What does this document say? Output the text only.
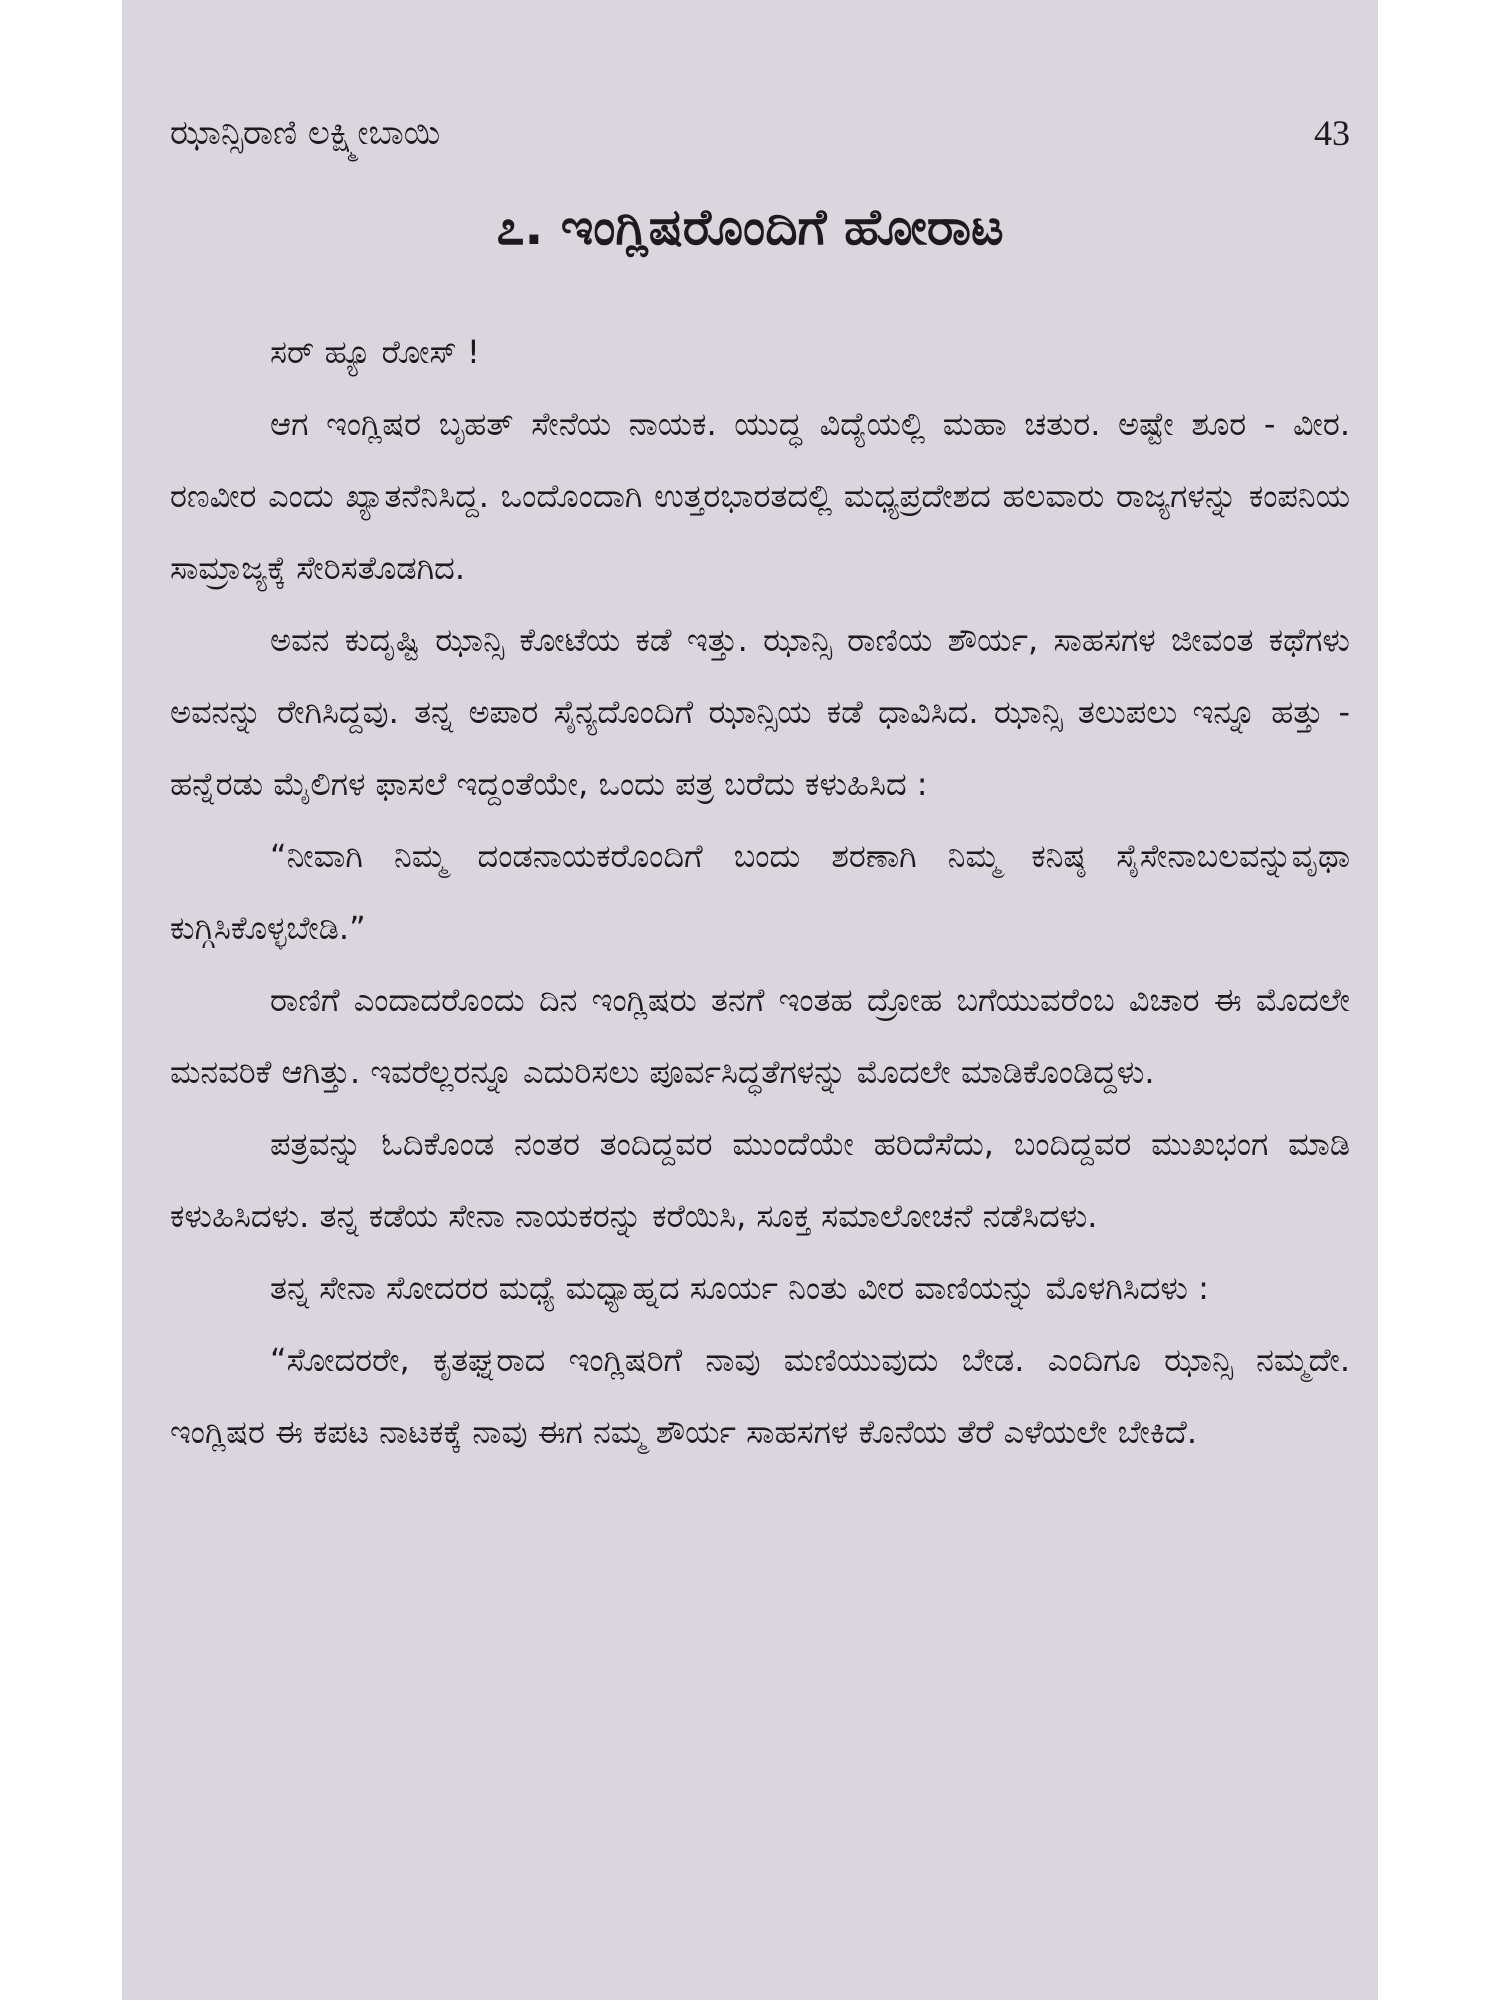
ಝಾನ್ಸಿರಾಣಿ ಲಕ್ಷ್ಮೀಬಾಯಿ	43
೭. ಇಂಗ್ಲಿಷರೊಂದಿಗೆ ಹೋರಾಟ

ಸರ್ ಹ್ಯೂ ರೋಸ್ !

ಆಗ ಇಂಗ್ಲಿಷರ ಬೃಹತ್ ಸೇನೆಯ ನಾಯಕ. ಯುದ್ಧ ವಿದ್ಯೆಯಲ್ಲಿ ಮಹಾ ಚತುರ. ಅಷ್ಟೇ ಶೂರ - ವೀರ. ರಣವೀರ ಎಂದು ಖ್ಯಾತನೆನಿಸಿದ್ದ. ಒಂದೊಂದಾಗಿ ಉತ್ತರಭಾರತದಲ್ಲಿ ಮಧ್ಯಪ್ರದೇಶದ ಹಲವಾರು ರಾಜ್ಯಗಳನ್ನು ಕಂಪನಿಯ ಸಾಮ್ರಾಜ್ಯಕ್ಕೆ ಸೇರಿಸತೊಡಗಿದ.

ಅವನ ಕುದೃಷ್ಟಿ ಝಾನ್ಸಿ ಕೋಟೆಯ ಕಡೆ ಇತ್ತು. ಝಾನ್ಸಿ ರಾಣಿಯ ಶೌರ್ಯ, ಸಾಹಸಗಳ ಜೀವಂತ ಕಥೆಗಳು ಅವನನ್ನು ರೇಗಿಸಿದ್ದವು. ತನ್ನ ಅಪಾರ ಸೈನ್ಯದೊಂದಿಗೆ ಝಾನ್ಸಿಯ ಕಡೆ ಧಾವಿಸಿದ. ಝಾನ್ಸಿ ತಲುಪಲು ಇನ್ನೂ ಹತ್ತು - ಹನ್ನೆರಡು ಮೈಲಿಗಳ ಫಾಸಲೆ ಇದ್ದಂತೆಯೇ, ಒಂದು ಪತ್ರ ಬರೆದು ಕಳುಹಿಸಿದ :

“ನೀವಾಗಿ ನಿಮ್ಮ ದಂಡನಾಯಕರೊಂದಿಗೆ ಬಂದು ಶರಣಾಗಿ ನಿಮ್ಮ ಕನಿಷ್ಠ ಸೈಸೇನಾಬಲವನ್ನುವೃಥಾ ಕುಗ್ಗಿಸಿಕೊಳ್ಳಬೇಡಿ.”

ರಾಣಿಗೆ ಎಂದಾದರೊಂದು ದಿನ ಇಂಗ್ಲಿಷರು ತನಗೆ ಇಂತಹ ದ್ರೋಹ ಬಗೆಯುವರೆಂಬ ವಿಚಾರ ಈ ಮೊದಲೇ ಮನವರಿಕೆ ಆಗಿತ್ತು. ಇವರೆಲ್ಲರನ್ನೂ ಎದುರಿಸಲು ಪೂರ್ವಸಿದ್ಧತೆಗಳನ್ನು ಮೊದಲೇ ಮಾಡಿಕೊಂಡಿದ್ದಳು.

ಪತ್ರವನ್ನು ಓದಿಕೊಂಡ ನಂತರ ತಂದಿದ್ದವರ ಮುಂದೆಯೇ ಹರಿದೆಸೆದು, ಬಂದಿದ್ದವರ ಮುಖಭಂಗ ಮಾಡಿ ಕಳುಹಿಸಿದಳು. ತನ್ನ ಕಡೆಯ ಸೇನಾ ನಾಯಕರನ್ನು ಕರೆಯಿಸಿ, ಸೂಕ್ತ ಸಮಾಲೋಚನೆ ನಡೆಸಿದಳು.

ತನ್ನ ಸೇನಾ ಸೋದರರ ಮಧ್ಯೆ ಮಧ್ಯಾಹ್ನದ ಸೂರ್ಯ ನಿಂತು ವೀರ ವಾಣಿಯನ್ನು ಮೊಳಗಿಸಿದಳು :

“ಸೋದರರೇ, ಕೃತಘ್ನರಾದ ಇಂಗ್ಲಿಷರಿಗೆ ನಾವು ಮಣಿಯುವುದು ಬೇಡ. ಎಂದಿಗೂ ಝಾನ್ಸಿ ನಮ್ಮದೇ. ಇಂಗ್ಲಿಷರ ಈ ಕಪಟ ನಾಟಕಕ್ಕೆ ನಾವು ಈಗ ನಮ್ಮ ಶೌರ್ಯ ಸಾಹಸಗಳ ಕೊನೆಯ ತೆರೆ ಎಳೆಯಲೇ ಬೇಕಿದೆ.
